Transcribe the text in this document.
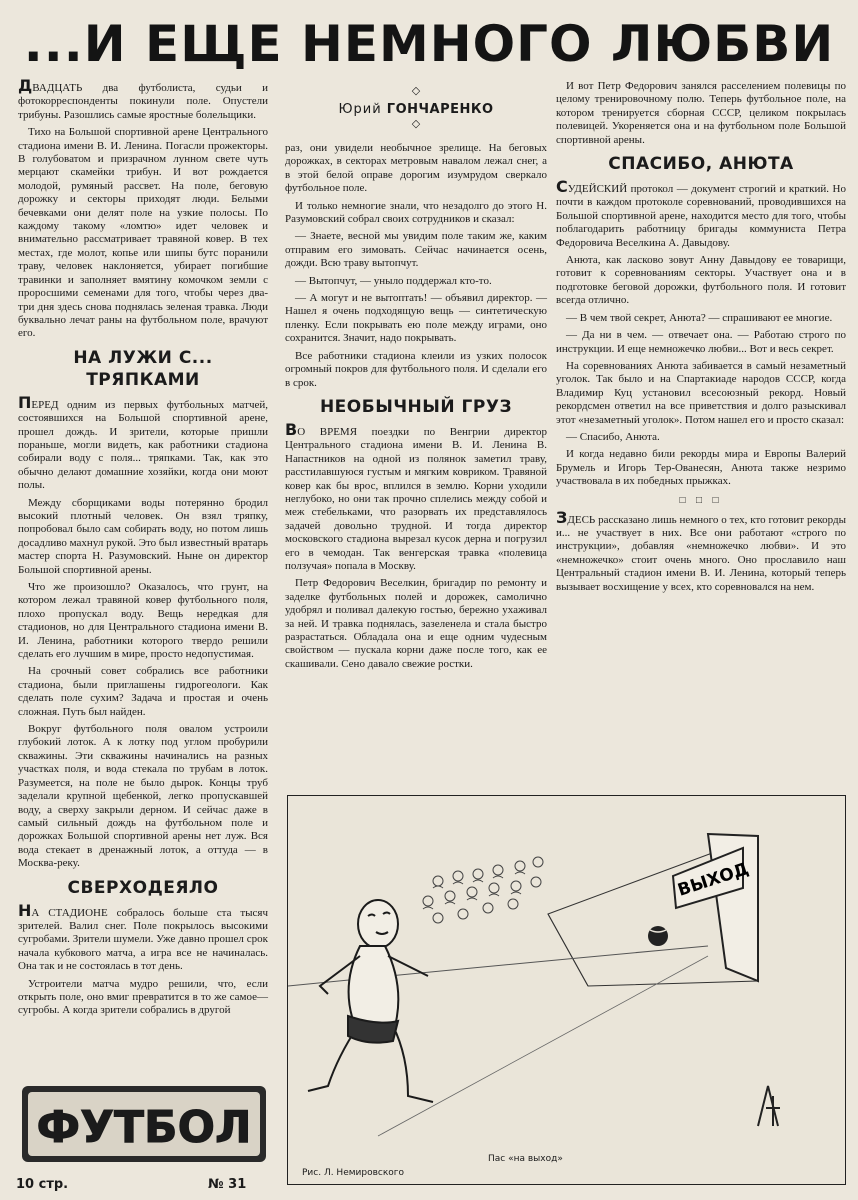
...И ЕЩЕ НЕМНОГО ЛЮБВИ
◇
Юрий ГОНЧАРЕНКО
◇

ДВАДЦАТЬ два футболиста, судьи и фотокорреспонденты покинули поле. Опустели трибуны. Разошлись самые яростные болельщики.

Тихо на Большой спортивной арене Центрального стадиона имени В. И. Ленина. Погасли прожекторы. В голубоватом и призрачном лунном свете чуть мерцают скамейки трибун. И вот рождается молодой, румяный рассвет. На поле, беговую дорожку и секторы приходят люди. Белыми бечевками они делят поле на узкие полосы. По каждому такому «ломтю» идет человек и внимательно рассматривает травяной ковер. В тех местах, где молот, копье или шипы бутс поранили траву, человек наклоняется, убирает погибшие травинки и заполняет вмятину комочком земли с проросшими семенами для того, чтобы через два-три дня здесь снова поднялась зеленая травка. Люди буквально лечат раны на футбольном поле, врачуют его.

НА ЛУЖИ С... ТРЯПКАМИ

ПЕРЕД одним из первых футбольных матчей, состоявшихся на Большой спортивной арене, прошел дождь. И зрители, которые пришли пораньше, могли видеть, как работники стадиона собирали воду с поля... тряпками. Так, как это обычно делают домашние хозяйки, когда они моют полы.

Между сборщиками воды потерянно бродил высокий плотный человек. Он взял тряпку, попробовал было сам собирать воду, но потом лишь досадливо махнул рукой. Это был известный вратарь мастер спорта Н. Разумовский. Ныне он директор Большой спортивной арены.

Что же произошло? Оказалось, что грунт, на котором лежал травяной ковер футбольного поля, плохо пропускал воду. Вещь нередкая для стадионов, но для Центрального стадиона имени В. И. Ленина, работники которого твердо решили сделать его лучшим в мире, просто недопустимая.

На срочный совет собрались все работники стадиона, были приглашены гидрогеологи. Как сделать поле сухим? Задача и простая и очень сложная. Путь был найден.

Вокруг футбольного поля овалом устроили глубокий лоток. А к лотку под углом пробурили скважины. Эти скважины начинались на разных участках поля, и вода стекала по трубам в лоток. Разумеется, на поле не было дырок. Концы труб заделали крупной щебенкой, легко пропускавшей воду, а сверху закрыли дерном. И сейчас даже в самый сильный дождь на футбольном поле и дорожках Большой спортивной арены нет луж. Вся вода стекает в дренажный лоток, а оттуда — в Москва-реку.

СВЕРХОДЕЯЛО

НА СТАДИОНЕ собралось больше ста тысяч зрителей. Валил снег. Поле покрылось высокими сугробами. Зрители шумели. Уже давно прошел срок начала кубкового матча, а игра все не начиналась. Она так и не состоялась в тот день.

Устроители матча мудро решили, что, если открыть поле, оно вмиг превратится в то же самое—сугробы. А когда зрители собрались в другой

раз, они увидели необычное зрелище. На беговых дорожках, в секторах метровым навалом лежал снег, а в этой белой оправе дорогим изумрудом сверкало футбольное поле.

И только немногие знали, что незадолго до этого Н. Разумовский собрал своих сотрудников и сказал:

— Знаете, весной мы увидим поле таким же, каким отправим его зимовать. Сейчас начинается осень, дожди. Всю траву вытопчут.

— Вытопчут, — уныло поддержал кто-то.

— А могут и не вытоптать! — объявил директор. — Нашел я очень подходящую вещь — синтетическую пленку. Если покрывать ею поле между играми, оно сохранится. Значит, надо покрывать.

Все работники стадиона клеили из узких полосок огромный покров для футбольного поля. И сделали его в срок.

НЕОБЫЧНЫЙ ГРУЗ

ВО ВРЕМЯ поездки по Венгрии директор Центрального стадиона имени В. И. Ленина В. Напастников на одной из полянок заметил траву, расстилавшуюся густым и мягким ковриком. Травяной ковер как бы врос, вплился в землю. Корни уходили неглубоко, но они так прочно сплелись между собой и меж стебельками, что разорвать их представлялось задачей довольно трудной. И тогда директор московского стадиона вырезал кусок дерна и погрузил его в чемодан. Так венгерская травка «полевица ползучая» попала в Москву.

Петр Федорович Веселкин, бригадир по ремонту и заделке футбольных полей и дорожек, самолично удобрял и поливал далекую гостью, бережно ухаживал за ней. И травка поднялась, зазеленела и стала быстро разрастаться. Обладала она и еще одним чудесным свойством — пускала корни даже после того, как ее скашивали. Сено давало свежие ростки.

И вот Петр Федорович занялся расселением полевицы по целому тренировочному полю. Теперь футбольное поле, на котором тренируется сборная СССР, целиком покрылась полевицей. Укореняется она и на футбольном поле Большой спортивной арены.

СПАСИБО, АНЮТА

СУДЕЙСКИЙ протокол — документ строгий и краткий. Но почти в каждом протоколе соревнований, проводившихся на Большой спортивной арене, находится место для того, чтобы поблагодарить работницу бригады коммуниста Петра Федоровича Веселкина А. Давыдову.

Анюта, как ласково зовут Анну Давыдову ее товарищи, готовит к соревнованиям секторы. Участвует она и в подготовке беговой дорожки, футбольного поля. И готовит всегда отлично.

— В чем твой секрет, Анюта? — спрашивают ее многие.

— Да ни в чем. — отвечает она. — Работаю строго по инструкции. И еще немножечко любви... Вот и весь секрет.

На соревнованиях Анюта забивается в самый незаметный уголок. Так было и на Спартакиаде народов СССР, когда Владимир Куц установил всесоюзный рекорд. Новый рекордсмен ответил на все приветствия и долго разыскивал этот «незаметный уголок». Потом нашел его и просто сказал:

— Спасибо, Анюта.

И когда недавно били рекорды мира и Европы Валерий Брумель и Игорь Тер-Ованесян, Анюта также незримо участвовала в их победных прыжках.

□ □ □

ЗДЕСЬ рассказано лишь немного о тех, кто готовит рекорды и... не участвует в них. Все они работают «строго по инструкции», добавляя «немножечко любви». И это «немножечко» стоит очень много. Оно прославило наш Центральный стадион имени В. И. Ленина, который теперь вызывает восхищение у всех, кто соревновался на нем.

ВЫХОД
Рис. Л. Немировского
Пас «на выход»
ФУТБОЛ
10 стр.	№ 31
